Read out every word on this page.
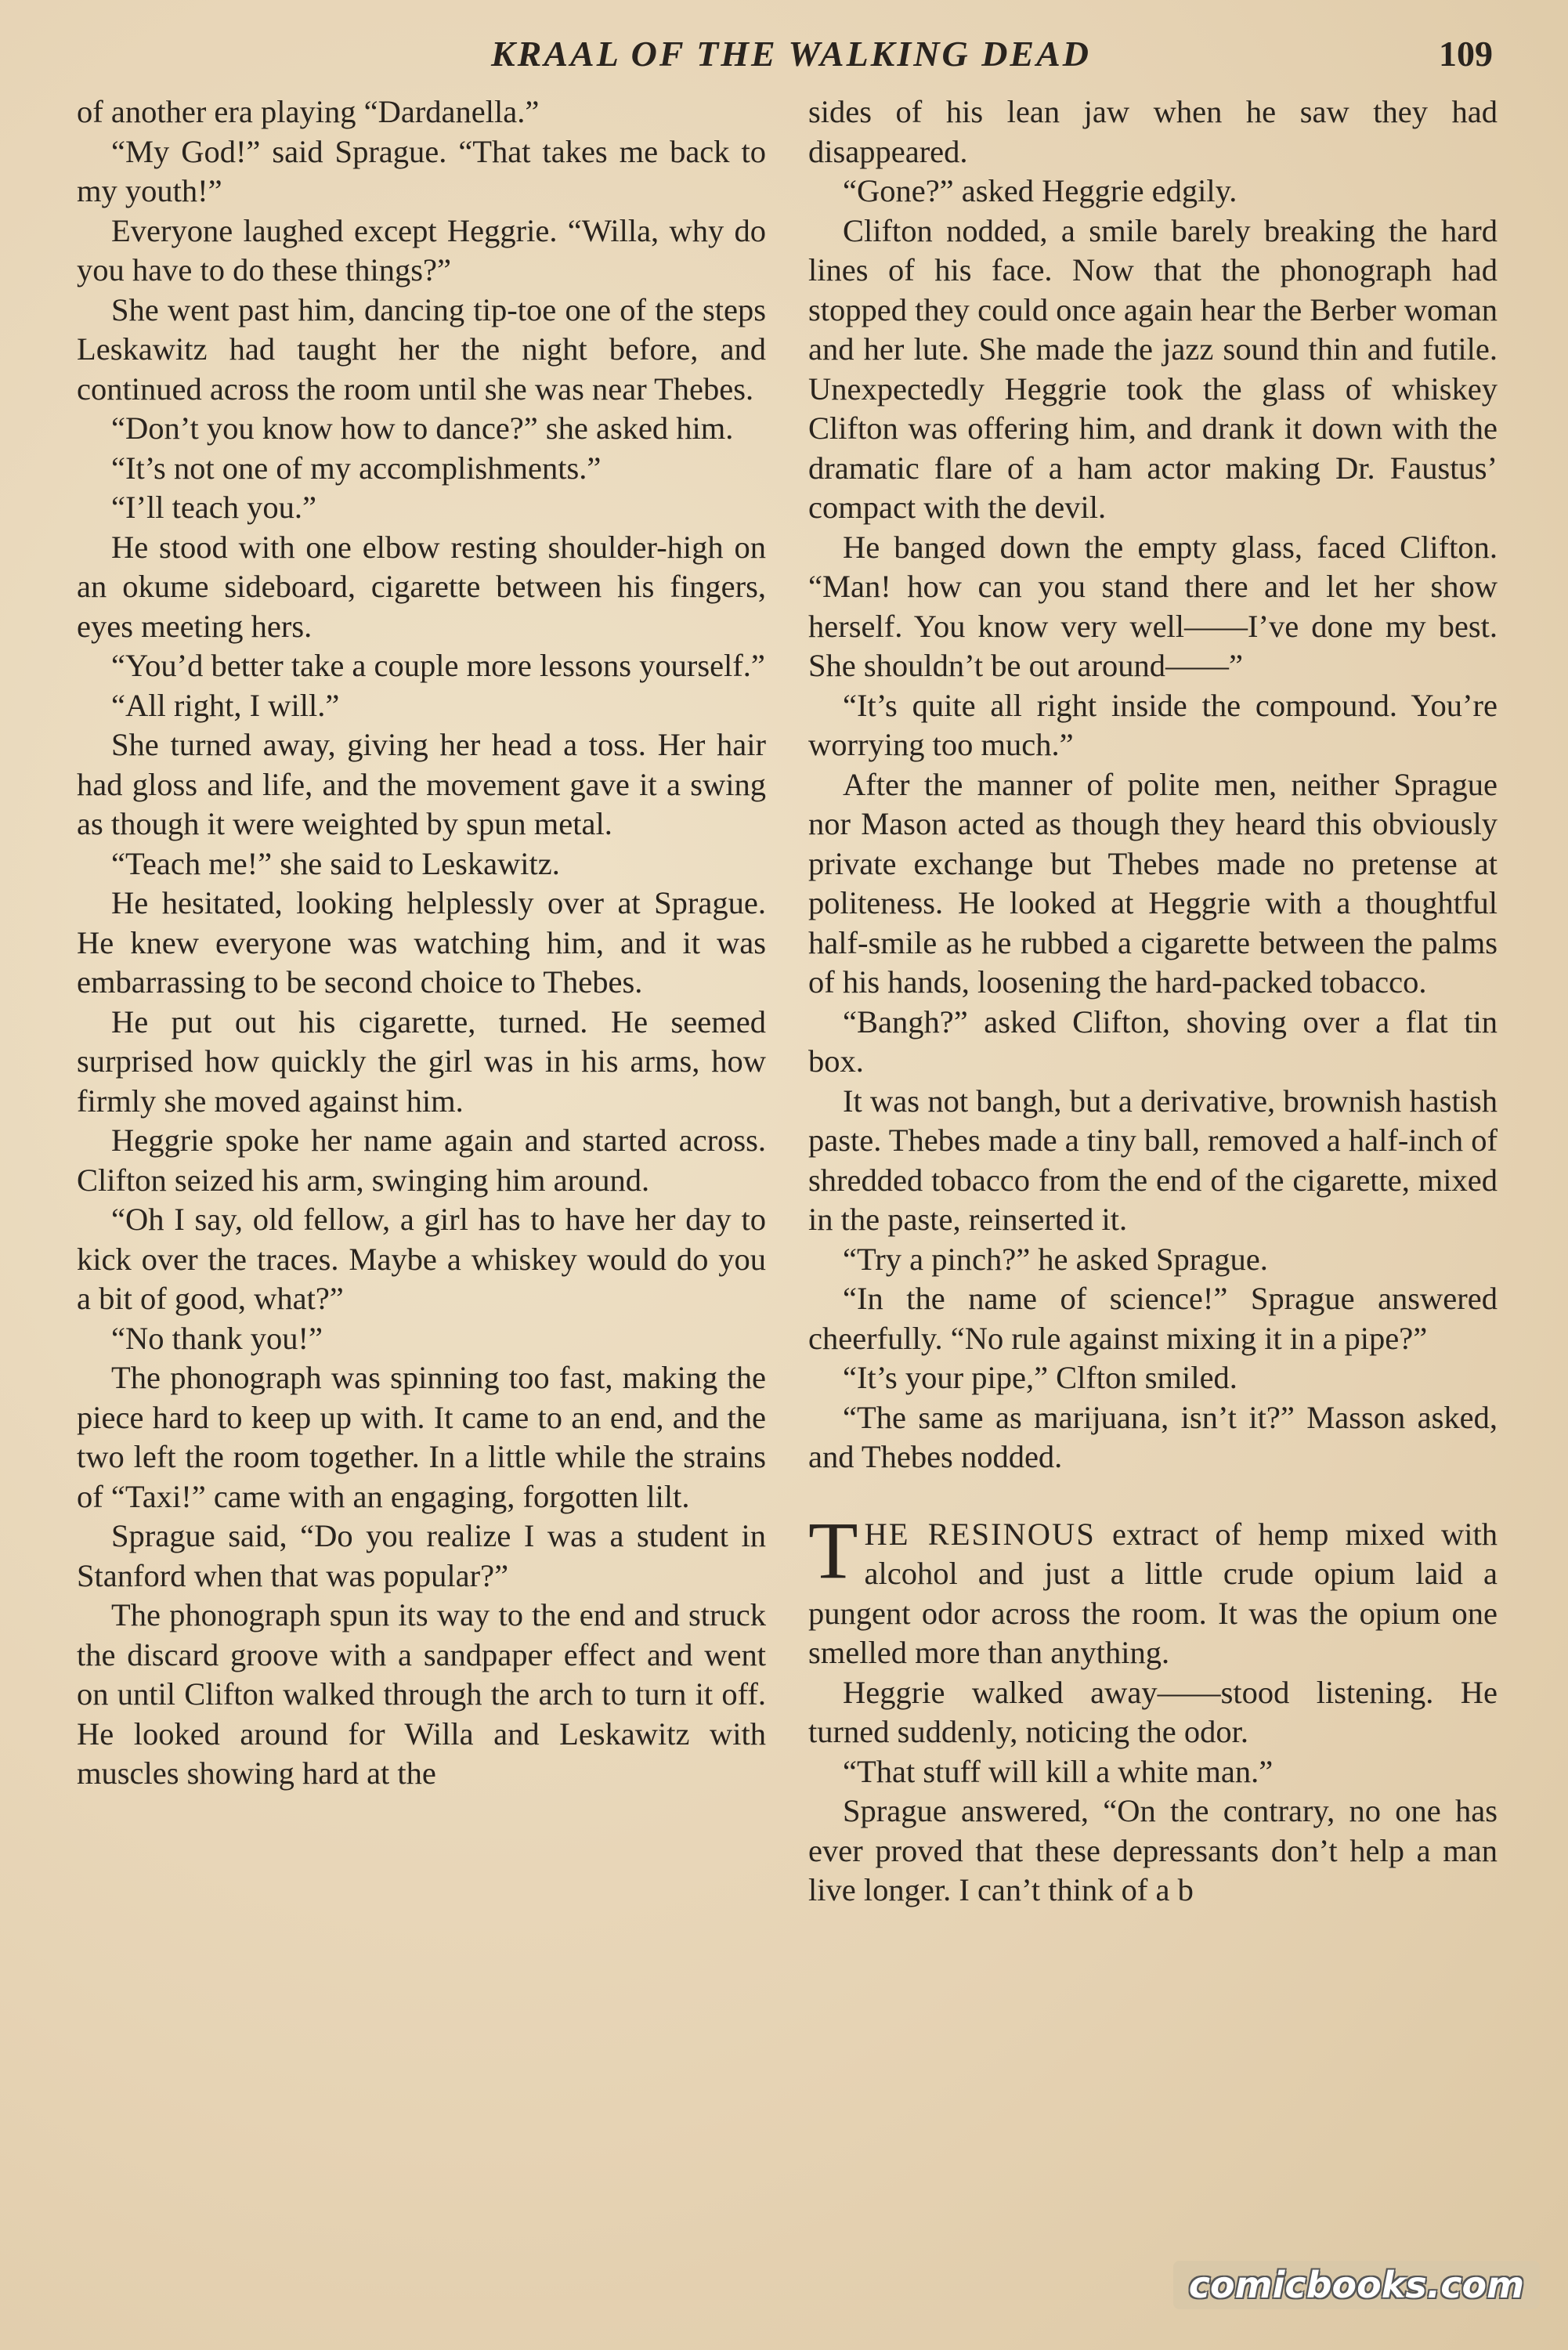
KRAAL OF THE WALKING DEAD	109

of another era playing “Dardanella.”

“My God!” said Sprague. “That takes me back to my youth!”

Everyone laughed except Heggrie. “Willa, why do you have to do these things?”

She went past him, dancing tip-toe one of the steps Leskawitz had taught her the night before, and continued across the room until she was near Thebes.

“Don’t you know how to dance?” she asked him.

“It’s not one of my accomplishments.”

“I’ll teach you.”

He stood with one elbow resting shoulder-high on an okume sideboard, cigarette between his fingers, eyes meeting hers.

“You’d better take a couple more lessons yourself.”

“All right, I will.”

She turned away, giving her head a toss. Her hair had gloss and life, and the movement gave it a swing as though it were weighted by spun metal.

“Teach me!” she said to Leskawitz.

He hesitated, looking helplessly over at Sprague. He knew everyone was watching him, and it was embarrassing to be second choice to Thebes.

He put out his cigarette, turned. He seemed surprised how quickly the girl was in his arms, how firmly she moved against him.

Heggrie spoke her name again and started across. Clifton seized his arm, swinging him around.

“Oh I say, old fellow, a girl has to have her day to kick over the traces. Maybe a whiskey would do you a bit of good, what?”

“No thank you!”

The phonograph was spinning too fast, making the piece hard to keep up with. It came to an end, and the two left the room together. In a little while the strains of “Taxi!” came with an engaging, forgotten lilt.

Sprague said, “Do you realize I was a student in Stanford when that was popular?”

The phonograph spun its way to the end and struck the discard groove with a sandpaper effect and went on until Clifton walked through the arch to turn it off. He looked around for Willa and Leskawitz with muscles showing hard at the

sides of his lean jaw when he saw they had disappeared.

“Gone?” asked Heggrie edgily.

Clifton nodded, a smile barely breaking the hard lines of his face. Now that the phonograph had stopped they could once again hear the Berber woman and her lute. She made the jazz sound thin and futile. Unexpectedly Heggrie took the glass of whiskey Clifton was offering him, and drank it down with the dramatic flare of a ham actor making Dr. Faustus’ compact with the devil.

He banged down the empty glass, faced Clifton. “Man! how can you stand there and let her show herself. You know very well——I’ve done my best. She shouldn’t be out around——”

“It’s quite all right inside the compound. You’re worrying too much.”

After the manner of polite men, neither Sprague nor Mason acted as though they heard this obviously private exchange but Thebes made no pretense at politeness. He looked at Heggrie with a thoughtful half-smile as he rubbed a cigarette between the palms of his hands, loosening the hard-packed tobacco.

“Bangh?” asked Clifton, shoving over a flat tin box.

It was not bangh, but a derivative, brownish hastish paste. Thebes made a tiny ball, removed a half-inch of shredded tobacco from the end of the cigarette, mixed in the paste, reinserted it.

“Try a pinch?” he asked Sprague.

“In the name of science!” Sprague answered cheerfully. “No rule against mixing it in a pipe?”

“It’s your pipe,” Clfton smiled.

“The same as marijuana, isn’t it?” Masson asked, and Thebes nodded.

THE RESINOUS extract of hemp mixed with alcohol and just a little crude opium laid a pungent odor across the room. It was the opium one smelled more than anything.

Heggrie walked away——stood listening. He turned suddenly, noticing the odor.

“That stuff will kill a white man.”

Sprague answered, “On the contrary, no one has ever proved that these depressants don’t help a man live longer. I can’t think of a b

comicbooks.com
